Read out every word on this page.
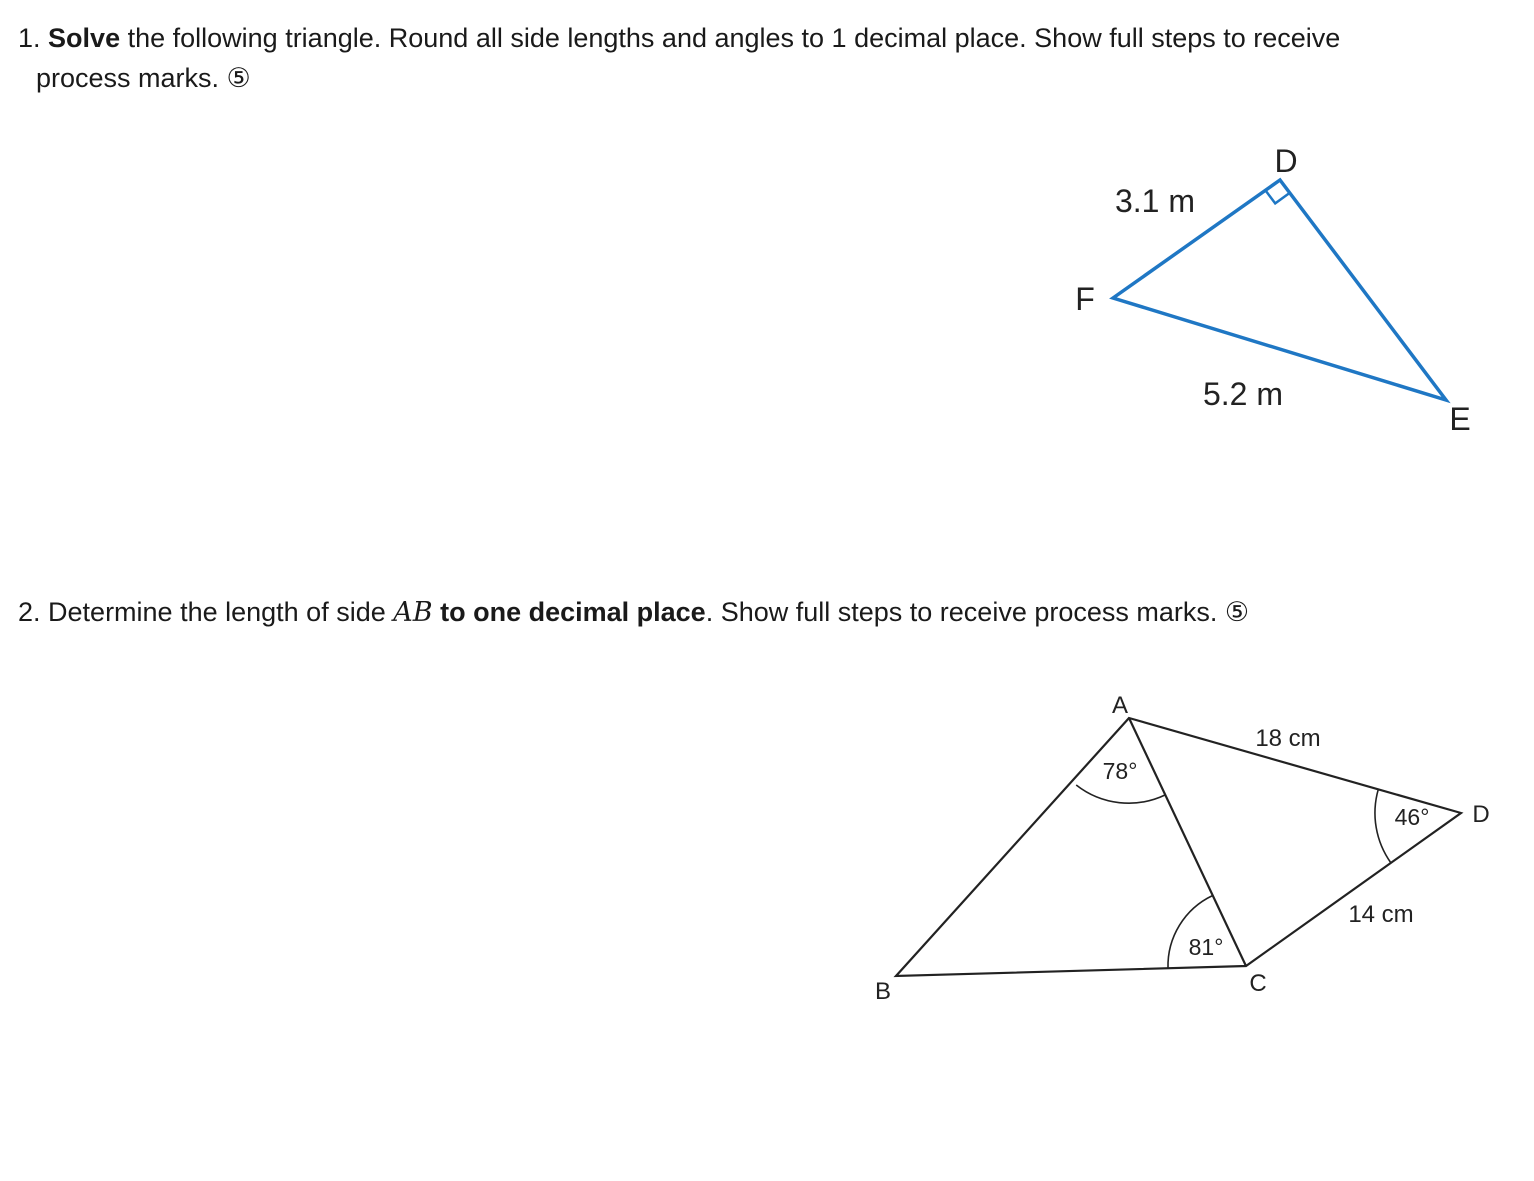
1. Solve the following triangle. Round all side lengths and angles to 1 decimal place. Show full steps to receive
process marks. ⑤
D
F
E
3.1 m
5.2 m
A
B	C
D
18 cm
14 cm
78°
81°
46°
2. Determine the length of side AB to one decimal place. Show full steps to receive process marks. ⑤
